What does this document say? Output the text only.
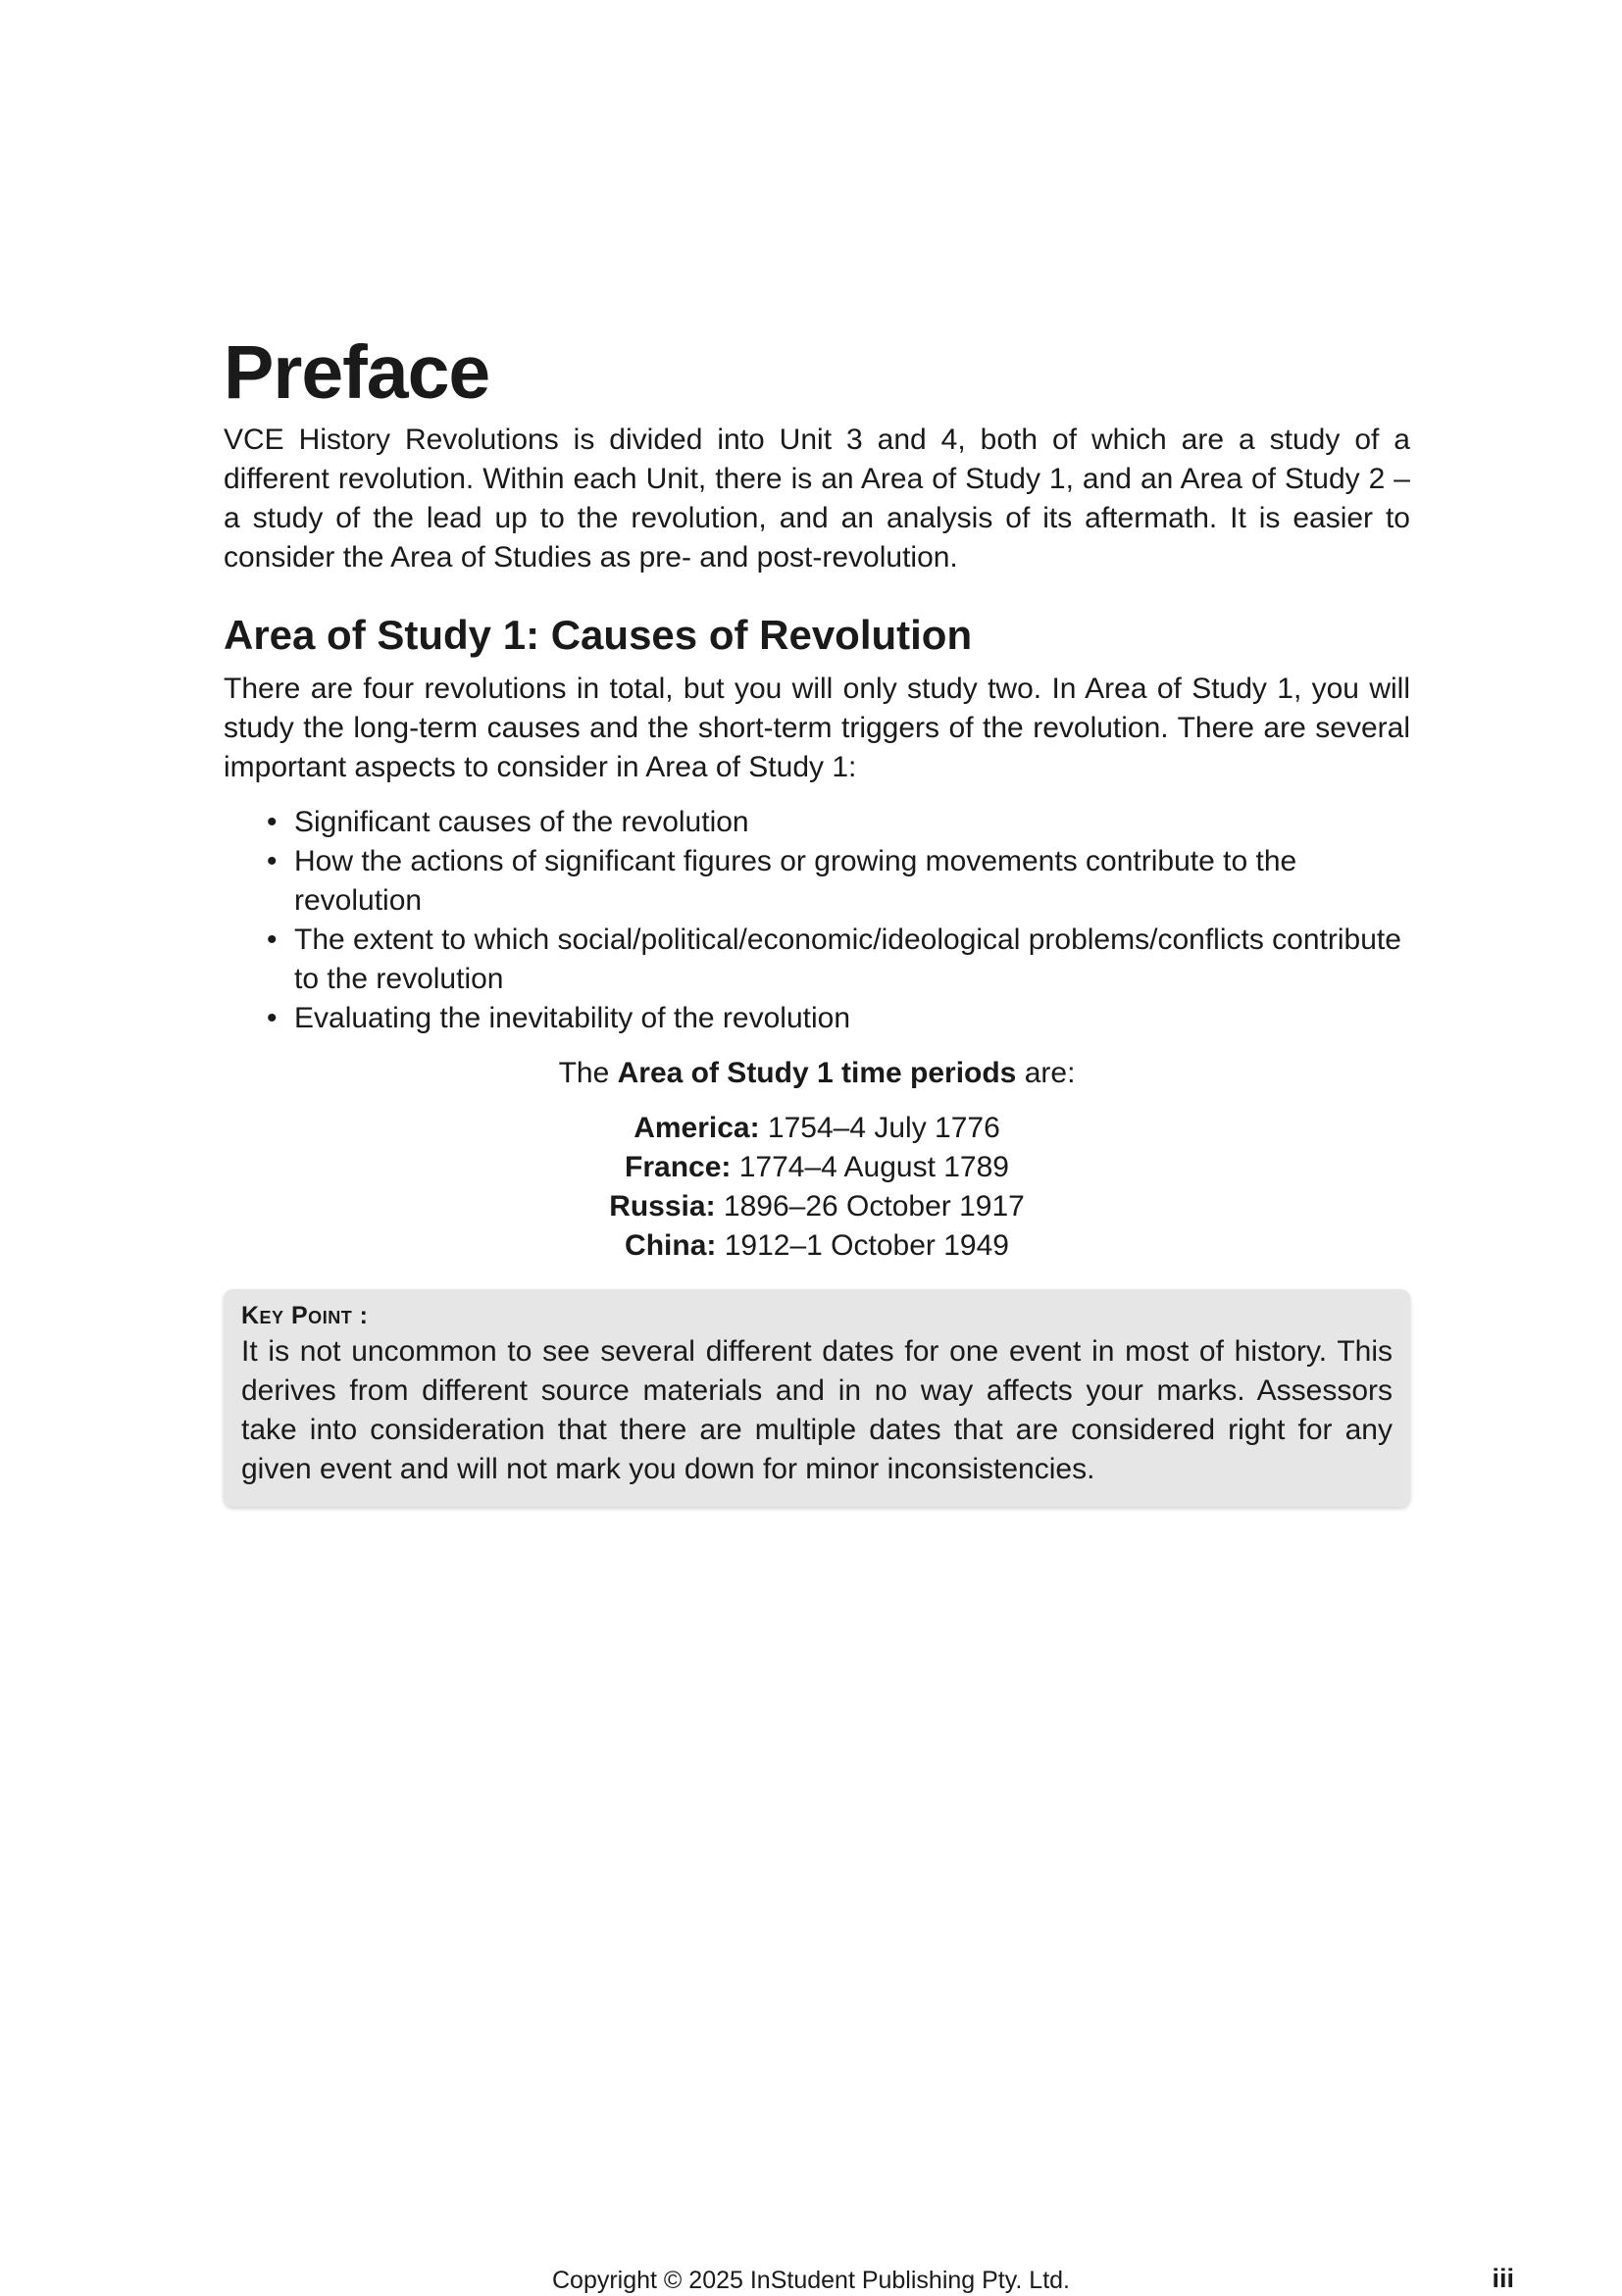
Preface

VCE History Revolutions is divided into Unit 3 and 4, both of which are a study of a different revolution. Within each Unit, there is an Area of Study 1, and an Area of Study 2 – a study of the lead up to the revolution, and an analysis of its aftermath. It is easier to consider the Area of Studies as pre- and post-revolution.

Area of Study 1: Causes of Revolution

There are four revolutions in total, but you will only study two. In Area of Study 1, you will study the long-term causes and the short-term triggers of the revolution. There are several important aspects to consider in Area of Study 1:

• Significant causes of the revolution
• How the actions of significant figures or growing movements contribute to the revolution
• The extent to which social/political/economic/ideological problems/conflicts contribute to the revolution
• Evaluating the inevitability of the revolution
The Area of Study 1 time periods are:
America: 1754–4 July 1776
France: 1774–4 August 1789
Russia: 1896–26 October 1917
China: 1912–1 October 1949
Key Point :
It is not uncommon to see several different dates for one event in most of history. This derives from different source materials and in no way affects your marks. Assessors take into consideration that there are multiple dates that are considered right for any given event and will not mark you down for minor inconsistencies.
Copyright © 2025 InStudent Publishing Pty. Ltd.	iii
